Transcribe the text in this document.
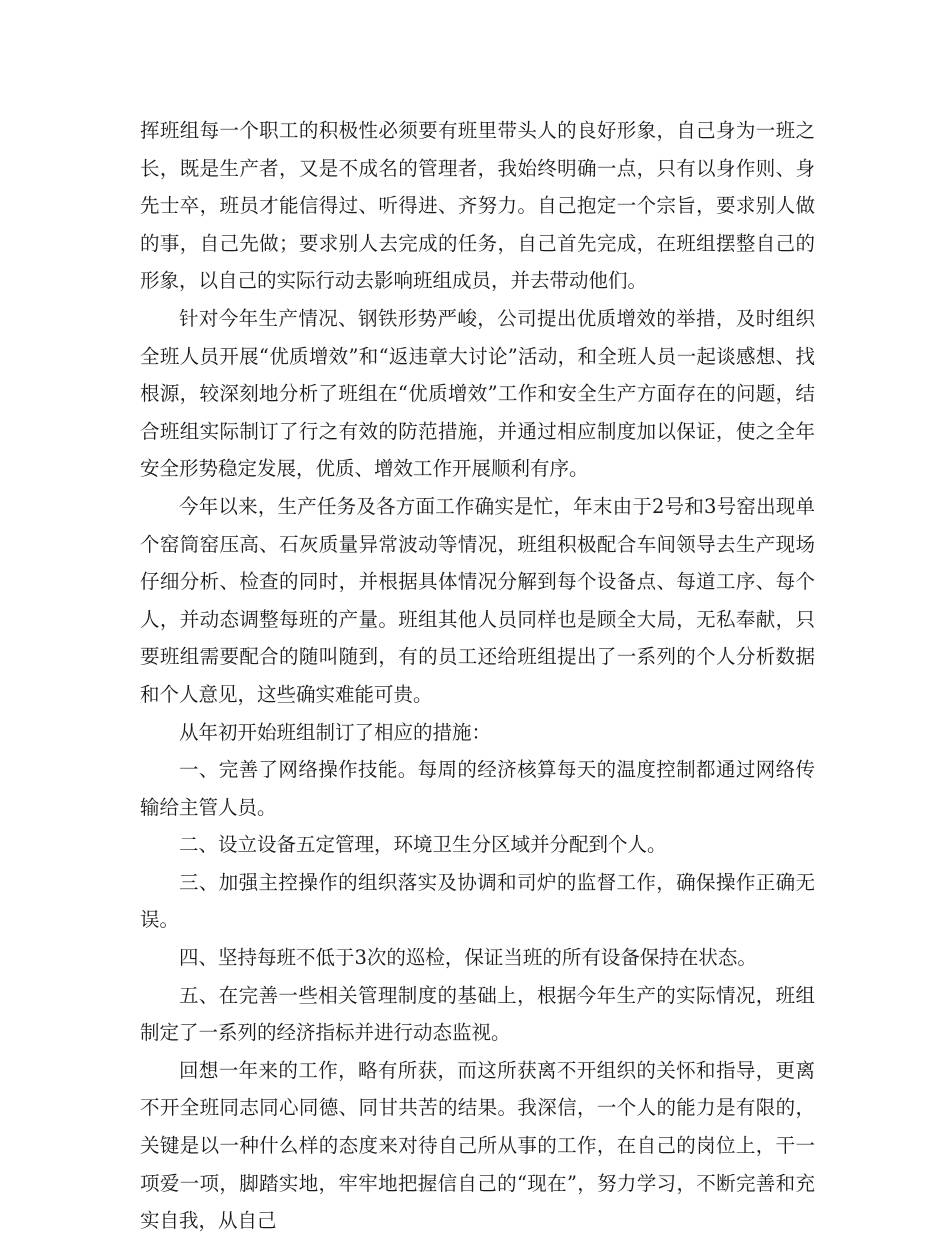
挥班组每一个职工的积极性必须要有班里带头人的良好形象，自己身为一班之长，既是生产者，又是不成名的管理者，我始终明确一点，只有以身作则、身先士卒，班员才能信得过、听得进、齐努力。自己抱定一个宗旨，要求别人做的事，自己先做；要求别人去完成的任务，自己首先完成，在班组摆整自己的形象，以自己的实际行动去影响班组成员，并去带动他们。

针对今年生产情况、钢铁形势严峻，公司提出优质增效的举措，及时组织全班人员开展“优质增效”和“返违章大讨论”活动，和全班人员一起谈感想、找根源，较深刻地分析了班组在“优质增效”工作和安全生产方面存在的问题，结合班组实际制订了行之有效的防范措施，并通过相应制度加以保证，使之全年安全形势稳定发展，优质、增效工作开展顺利有序。

今年以来，生产任务及各方面工作确实是忙，年末由于2号和3号窑出现单个窑筒窑压高、石灰质量异常波动等情况，班组积极配合车间领导去生产现场仔细分析、检查的同时，并根据具体情况分解到每个设备点、每道工序、每个人，并动态调整每班的产量。班组其他人员同样也是顾全大局，无私奉献，只要班组需要配合的随叫随到，有的员工还给班组提出了一系列的个人分析数据和个人意见，这些确实难能可贵。

从年初开始班组制订了相应的措施：

一、完善了网络操作技能。每周的经济核算每天的温度控制都通过网络传输给主管人员。

二、设立设备五定管理，环境卫生分区域并分配到个人。

三、加强主控操作的组织落实及协调和司炉的监督工作，确保操作正确无误。

四、坚持每班不低于3次的巡检，保证当班的所有设备保持在状态。

五、在完善一些相关管理制度的基础上，根据今年生产的实际情况，班组制定了一系列的经济指标并进行动态监视。

回想一年来的工作，略有所获，而这所获离不开组织的关怀和指导，更离不开全班同志同心同德、同甘共苦的结果。我深信，一个人的能力是有限的，关键是以一种什么样的态度来对待自己所从事的工作，在自己的岗位上，干一项爱一项，脚踏实地，牢牢地把握信自己的“现在”，努力学习，不断完善和充实自我，从自己
